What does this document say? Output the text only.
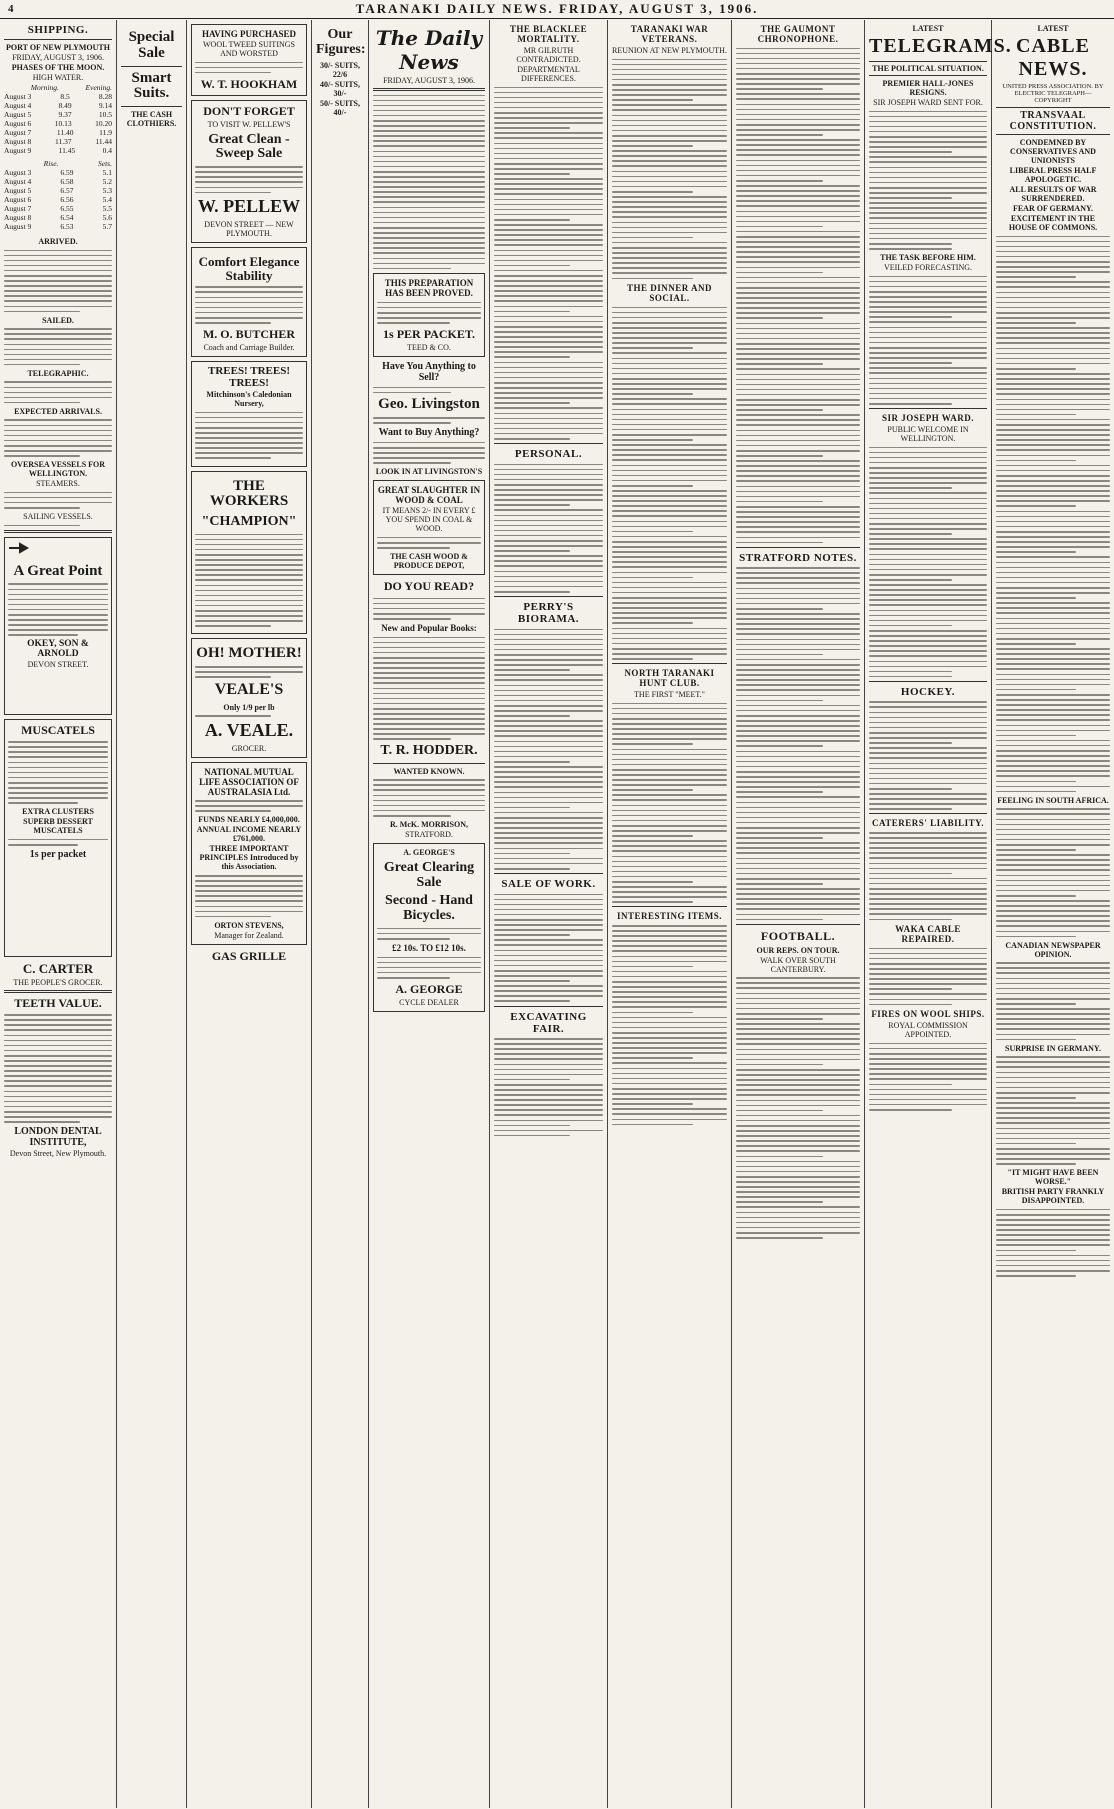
4	TARANAKI DAILY NEWS. FRIDAY, AUGUST 3, 1906.
SHIPPING.
PORT OF NEW PLYMOUTH
FRIDAY, AUGUST 3, 1906.
PHASES OF THE MOON.
HIGH WATER.
Morning.	Evening.
August 3	8.5	8.28
August 4	8.49	9.14
August 5	9.37	10.5
August 6	10.13	10.20
August 7	11.40	11.9
August 8	11.37	11.44
August 9	11.45	0.4
Rise.	Sets.
August 3	6.59	5.1
August 4	6.58	5.2
August 5	6.57	5.3
August 6	6.56	5.4
August 7	6.55	5.5
August 8	6.54	5.6
August 9	6.53	5.7
ARRIVED.
SAILED.
TELEGRAPHIC.
EXPECTED ARRIVALS.
OVERSEA VESSELS FOR WELLINGTON.
STEAMERS.
SAILING VESSELS.
A Great Point
OKEY, SON & ARNOLD
DEVON STREET.
MUSCATELS
EXTRA CLUSTERS
SUPERB DESSERT MUSCATELS
1s per packet
C. CARTER
THE PEOPLE'S GROCER.
TEETH VALUE.
LONDON DENTAL INSTITUTE,
Devon Street, New Plymouth.
Special Sale
Smart Suits.
THE CASH CLOTHIERS.
HAVING PURCHASED
WOOL TWEED SUITINGS AND WORSTED
W. T. HOOKHAM
DON'T FORGET
TO VISIT W. PELLEW'S
Great Clean - Sweep Sale
W. PELLEW
DEVON STREET — NEW PLYMOUTH.
Comfort Elegance Stability
M. O. BUTCHER
Coach and Carriage Builder.
TREES! TREES! TREES!
Mitchinson's Caledonian Nursery,
THE WORKERS
"CHAMPION"
OH! MOTHER!
VEALE'S
Only 1/9 per lb
A. VEALE.
GROCER.
NATIONAL MUTUAL LIFE ASSOCIATION OF AUSTRALASIA Ltd.
FUNDS NEARLY £4,000,000.
ANNUAL INCOME NEARLY £761,000.
THREE IMPORTANT PRINCIPLES Introduced by this Association.
ORTON STEVENS,
Manager for Zealand.
GAS GRILLE
Our Figures:
30/- SUITS, 22/6
40/- SUITS, 30/-
50/- SUITS, 40/-
The Daily News
FRIDAY, AUGUST 3, 1906.
THIS PREPARATION HAS BEEN PROVED.
1s PER PACKET.
TEED & CO.
Have You Anything to Sell?
Geo. Livingston
Want to Buy Anything?
LOOK IN AT LIVINGSTON'S
GREAT SLAUGHTER IN WOOD & COAL
IT MEANS 2/- IN EVERY £ YOU SPEND IN COAL & WOOD.
THE CASH WOOD & PRODUCE DEPOT,
DO YOU READ?
New and Popular Books:
T. R. HODDER.
WANTED KNOWN.
R. McK. MORRISON,
STRATFORD.
A. GEORGE'S
Great Clearing Sale
Second - Hand Bicycles.
£2 10s. TO £12 10s.
A. GEORGE
CYCLE DEALER
THE BLACKLEE MORTALITY.
MR GILRUTH CONTRADICTED.
DEPARTMENTAL DIFFERENCES.
PERSONAL.
PERRY'S BIORAMA.
SALE OF WORK.
EXCAVATING FAIR.
TARANAKI WAR VETERANS.
REUNION AT NEW PLYMOUTH.
THE DINNER AND SOCIAL.
NORTH TARANAKI HUNT CLUB.
THE FIRST "MEET."
INTERESTING ITEMS.
THE GAUMONT CHRONOPHONE.
STRATFORD NOTES.
FOOTBALL.
OUR REPS. ON TOUR.
WALK OVER SOUTH CANTERBURY.
LATEST
TELEGRAMS.
THE POLITICAL SITUATION.
PREMIER HALL-JONES RESIGNS.
SIR JOSEPH WARD SENT FOR.
THE TASK BEFORE HIM.
VEILED FORECASTING.
SIR JOSEPH WARD.
PUBLIC WELCOME IN WELLINGTON.
HOCKEY.
CATERERS' LIABILITY.
WAKA CABLE REPAIRED.
FIRES ON WOOL SHIPS.
ROYAL COMMISSION APPOINTED.
LATEST
CABLE NEWS.
UNITED PRESS ASSOCIATION. BY ELECTRIC TELEGRAPH—COPYRIGHT
TRANSVAAL CONSTITUTION.
CONDEMNED BY CONSERVATIVES AND UNIONISTS
LIBERAL PRESS HALF APOLOGETIC.
ALL RESULTS OF WAR SURRENDERED.
FEAR OF GERMANY.
EXCITEMENT IN THE HOUSE OF COMMONS.
FEELING IN SOUTH AFRICA.
CANADIAN NEWSPAPER OPINION.
SURPRISE IN GERMANY.
"IT MIGHT HAVE BEEN WORSE."
BRITISH PARTY FRANKLY DISAPPOINTED.
